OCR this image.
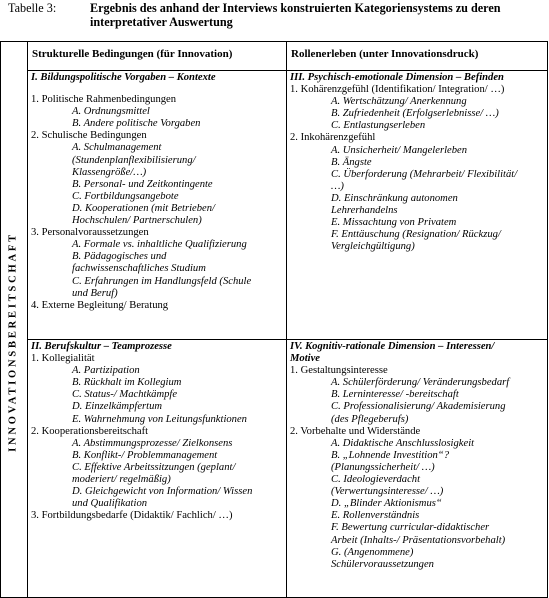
Tabelle 3:	Ergebnis des anhand der Interviews konstruierten Kategoriensystems zu deren interpretativer Auswertung
INNOVATIONSBEREITSCHAFT
Strukturelle Bedingungen (für Innovation)	Rollenerleben (unter Innovationsdruck)
I. Bildungspolitische Vorgaben – Kontexte
1. Politische Rahmenbedingungen
A. Ordnungsmittel
B. Andere politische Vorgaben
2. Schulische Bedingungen
A. Schulmanagement
(Stundenplanflexibilisierung/
Klassengröße/…)
B. Personal- und Zeitkontingente
C. Fortbildungsangebote
D. Kooperationen (mit Betrieben/
Hochschulen/ Partnerschulen)
3. Personalvoraussetzungen
A. Formale vs. inhaltliche Qualifizierung
B. Pädagogisches und
fachwissenschaftliches Studium
C. Erfahrungen im Handlungsfeld (Schule
und Beruf)
4. Externe Begleitung/ Beratung
II. Berufskultur – Teamprozesse
1. Kollegialität
A. Partizipation
B. Rückhalt im Kollegium
C. Status-/ Machtkämpfe
D. Einzelkämpfertum
E. Wahrnehmung von Leitungsfunktionen
2. Kooperationsbereitschaft
A. Abstimmungsprozesse/ Zielkonsens
B. Konflikt-/ Problemmanagement
C. Effektive Arbeitssitzungen (geplant/
moderiert/ regelmäßig)
D. Gleichgewicht von Information/ Wissen
und Qualifikation
3. Fortbildungsbedarfe (Didaktik/ Fachlich/ …)
III. Psychisch-emotionale Dimension – Befinden
1. Kohärenzgefühl (Identifikation/ Integration/ …)
A. Wertschätzung/ Anerkennung
B. Zufriedenheit (Erfolgserlebnisse/ …)
C. Entlastungserleben
2. Inkohärenzgefühl
A. Unsicherheit/ Mangelerleben
B. Ängste
C. Überforderung (Mehrarbeit/ Flexibilität/
…)
D. Einschränkung autonomen
Lehrerhandelns
E. Missachtung von Privatem
F. Enttäuschung (Resignation/ Rückzug/
Vergleichgültigung)
IV. Kognitiv-rationale Dimension – Interessen/
Motive
1. Gestaltungsinteresse
A. Schülerförderung/ Veränderungsbedarf
B. Lerninteresse/ -bereitschaft
C. Professionalisierung/ Akademisierung
(des Pflegeberufs)
2. Vorbehalte und Widerstände
A. Didaktische Anschlusslosigkeit
B. „Lohnende Investition“?
(Planungssicherheit/ …)
C. Ideologieverdacht
(Verwertungsinteresse/ …)
D. „Blinder Aktionismus“
E. Rollenverständnis
F. Bewertung curricular-didaktischer
Arbeit (Inhalts-/ Präsentationsvorbehalt)
G. (Angenommene)
Schülervoraussetzungen
